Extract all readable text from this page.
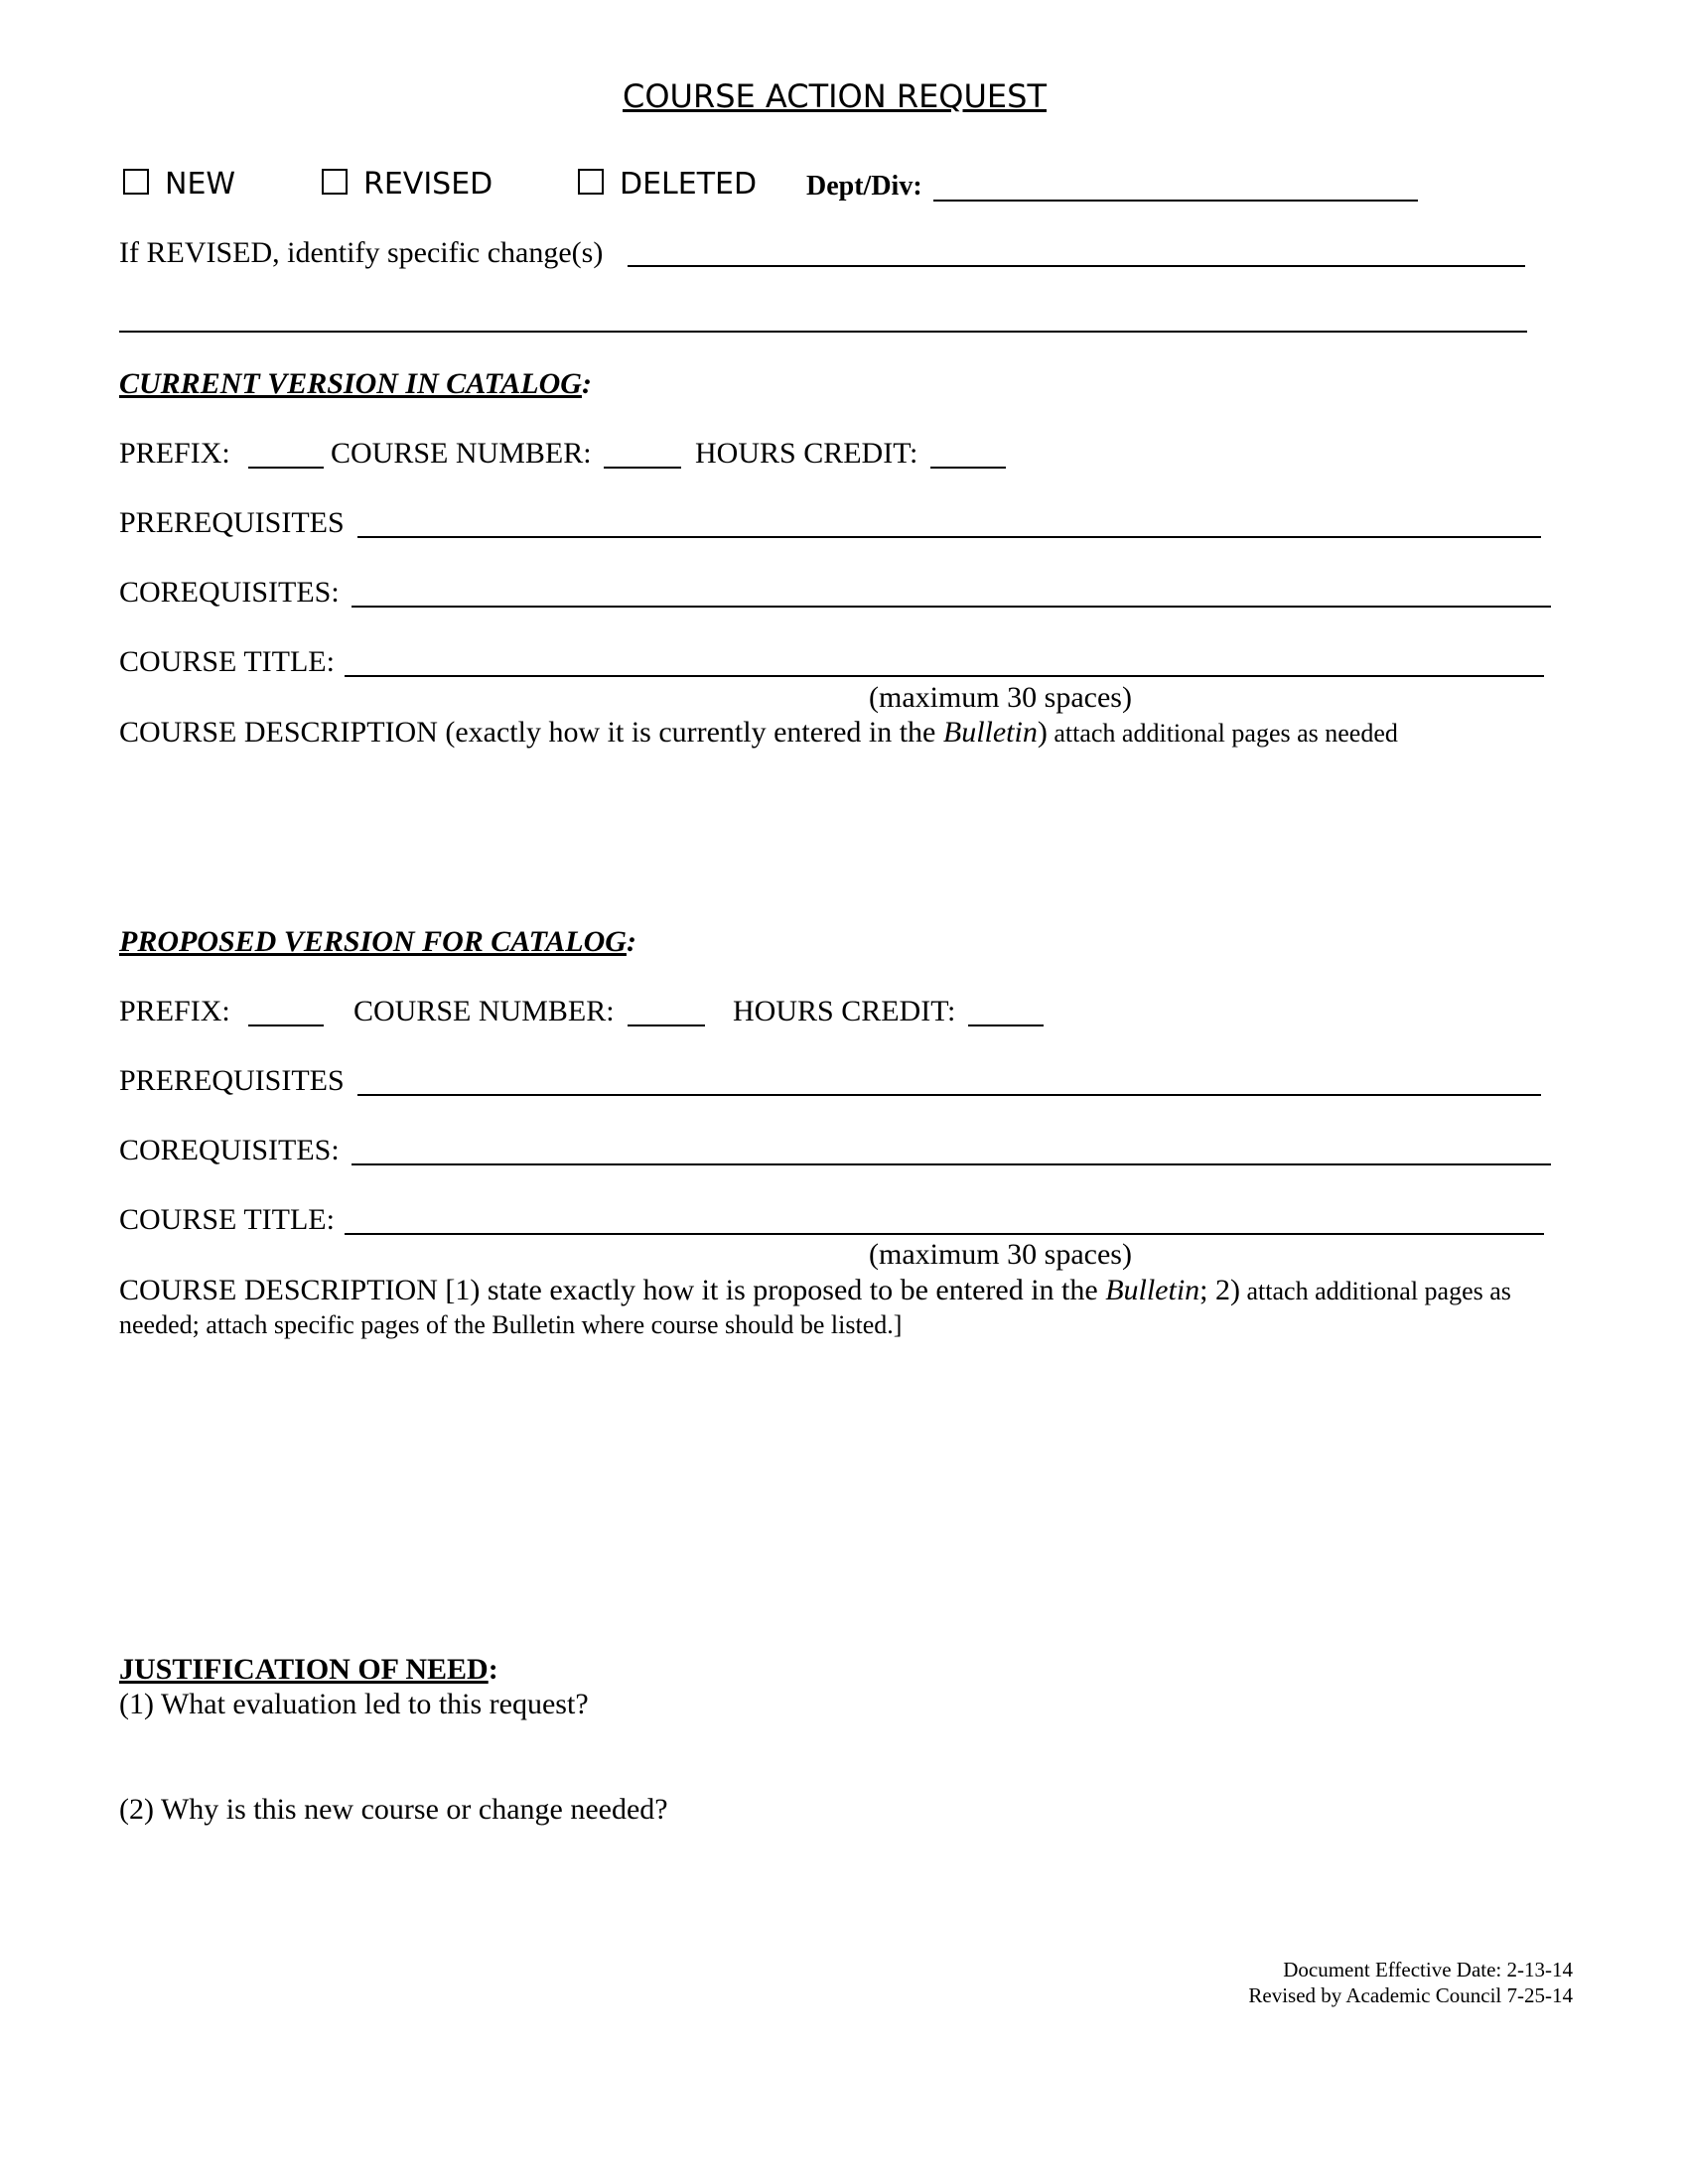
COURSE ACTION REQUEST
NEW	REVISED	DELETED Dept/Div:
If REVISED, identify specific change(s)
CURRENT VERSION IN CATALOG:
PREFIX:	COURSE NUMBER:	HOURS CREDIT:
PREREQUISITES
COREQUISITES:
COURSE TITLE:
(maximum 30 spaces)
COURSE DESCRIPTION (exactly how it is currently entered in the Bulletin) attach additional pages as needed
PROPOSED VERSION FOR CATALOG:
PREFIX:	COURSE NUMBER:	HOURS CREDIT:
PREREQUISITES
COREQUISITES:
COURSE TITLE:
(maximum 30 spaces)
COURSE DESCRIPTION [1) state exactly how it is proposed to be entered in the Bulletin; 2) attach additional pages as
needed; attach specific pages of the Bulletin where course should be listed.]
JUSTIFICATION OF NEED:
(1) What evaluation led to this request?
(2) Why is this new course or change needed?
Document Effective Date: 2-13-14
Revised by Academic Council 7-25-14
